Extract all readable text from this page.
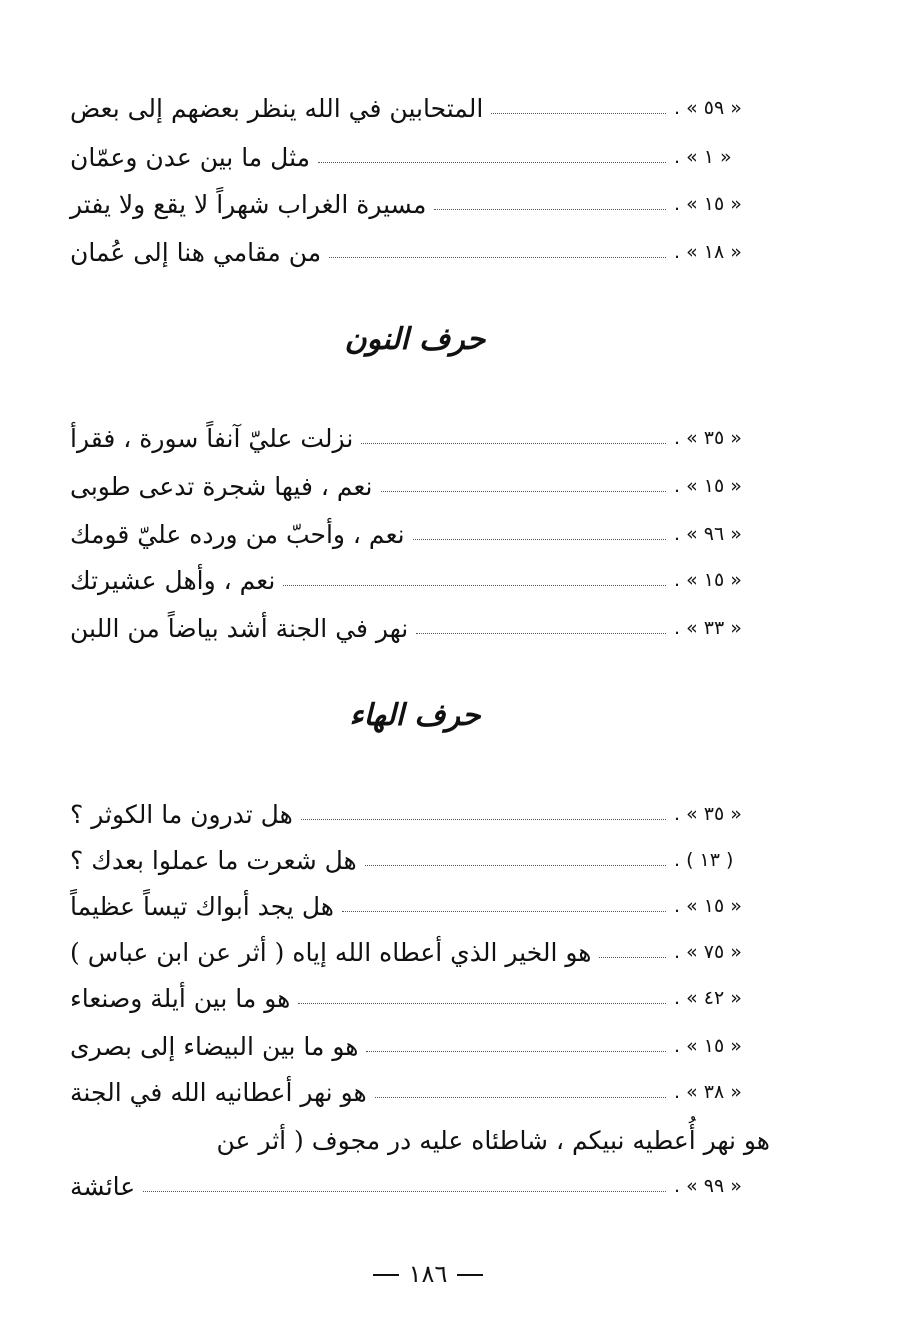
المتحابين في الله ينظر بعضهم إلى بعض	. « ٥٩ »
مثل ما بين عدن وعمّان	. « ١ »
مسيرة الغراب شهراً لا يقع ولا يفتر	. « ١٥ »
من مقامي هنا إلى عُمان	. « ١٨ »
حرف النون
نزلت عليّ آنفاً سورة ، فقرأ	. « ٣٥ »
نعم ، فيها شجرة تدعى طوبى	. « ١٥ »
نعم ، وأحبّ من ورده عليّ قومك	. « ٩٦ »
نعم ، وأهل عشيرتك	. « ١٥ »
نهر في الجنة أشد بياضاً من اللبن	. « ٣٣ »
حرف الهاء
هل تدرون ما الكوثر ؟	. « ٣٥ »
هل شعرت ما عملوا بعدك ؟	. ( ١٣ )
هل يجد أبواك تيساً عظيماً	. « ١٥ »
هو الخير الذي أعطاه الله إياه ( أثر عن ابن عباس )	. « ٧٥ »
هو ما بين أيلة وصنعاء	. « ٤٢ »
هو ما بين البيضاء إلى بصرى	. « ١٥ »
هو نهر أعطانيه الله في الجنة	. « ٣٨ »
هو نهر أُعطيه نبيكم ، شاطئاه عليه در مجوف ( أثر عن
عائشة	. « ٩٩ »
١٨٦
